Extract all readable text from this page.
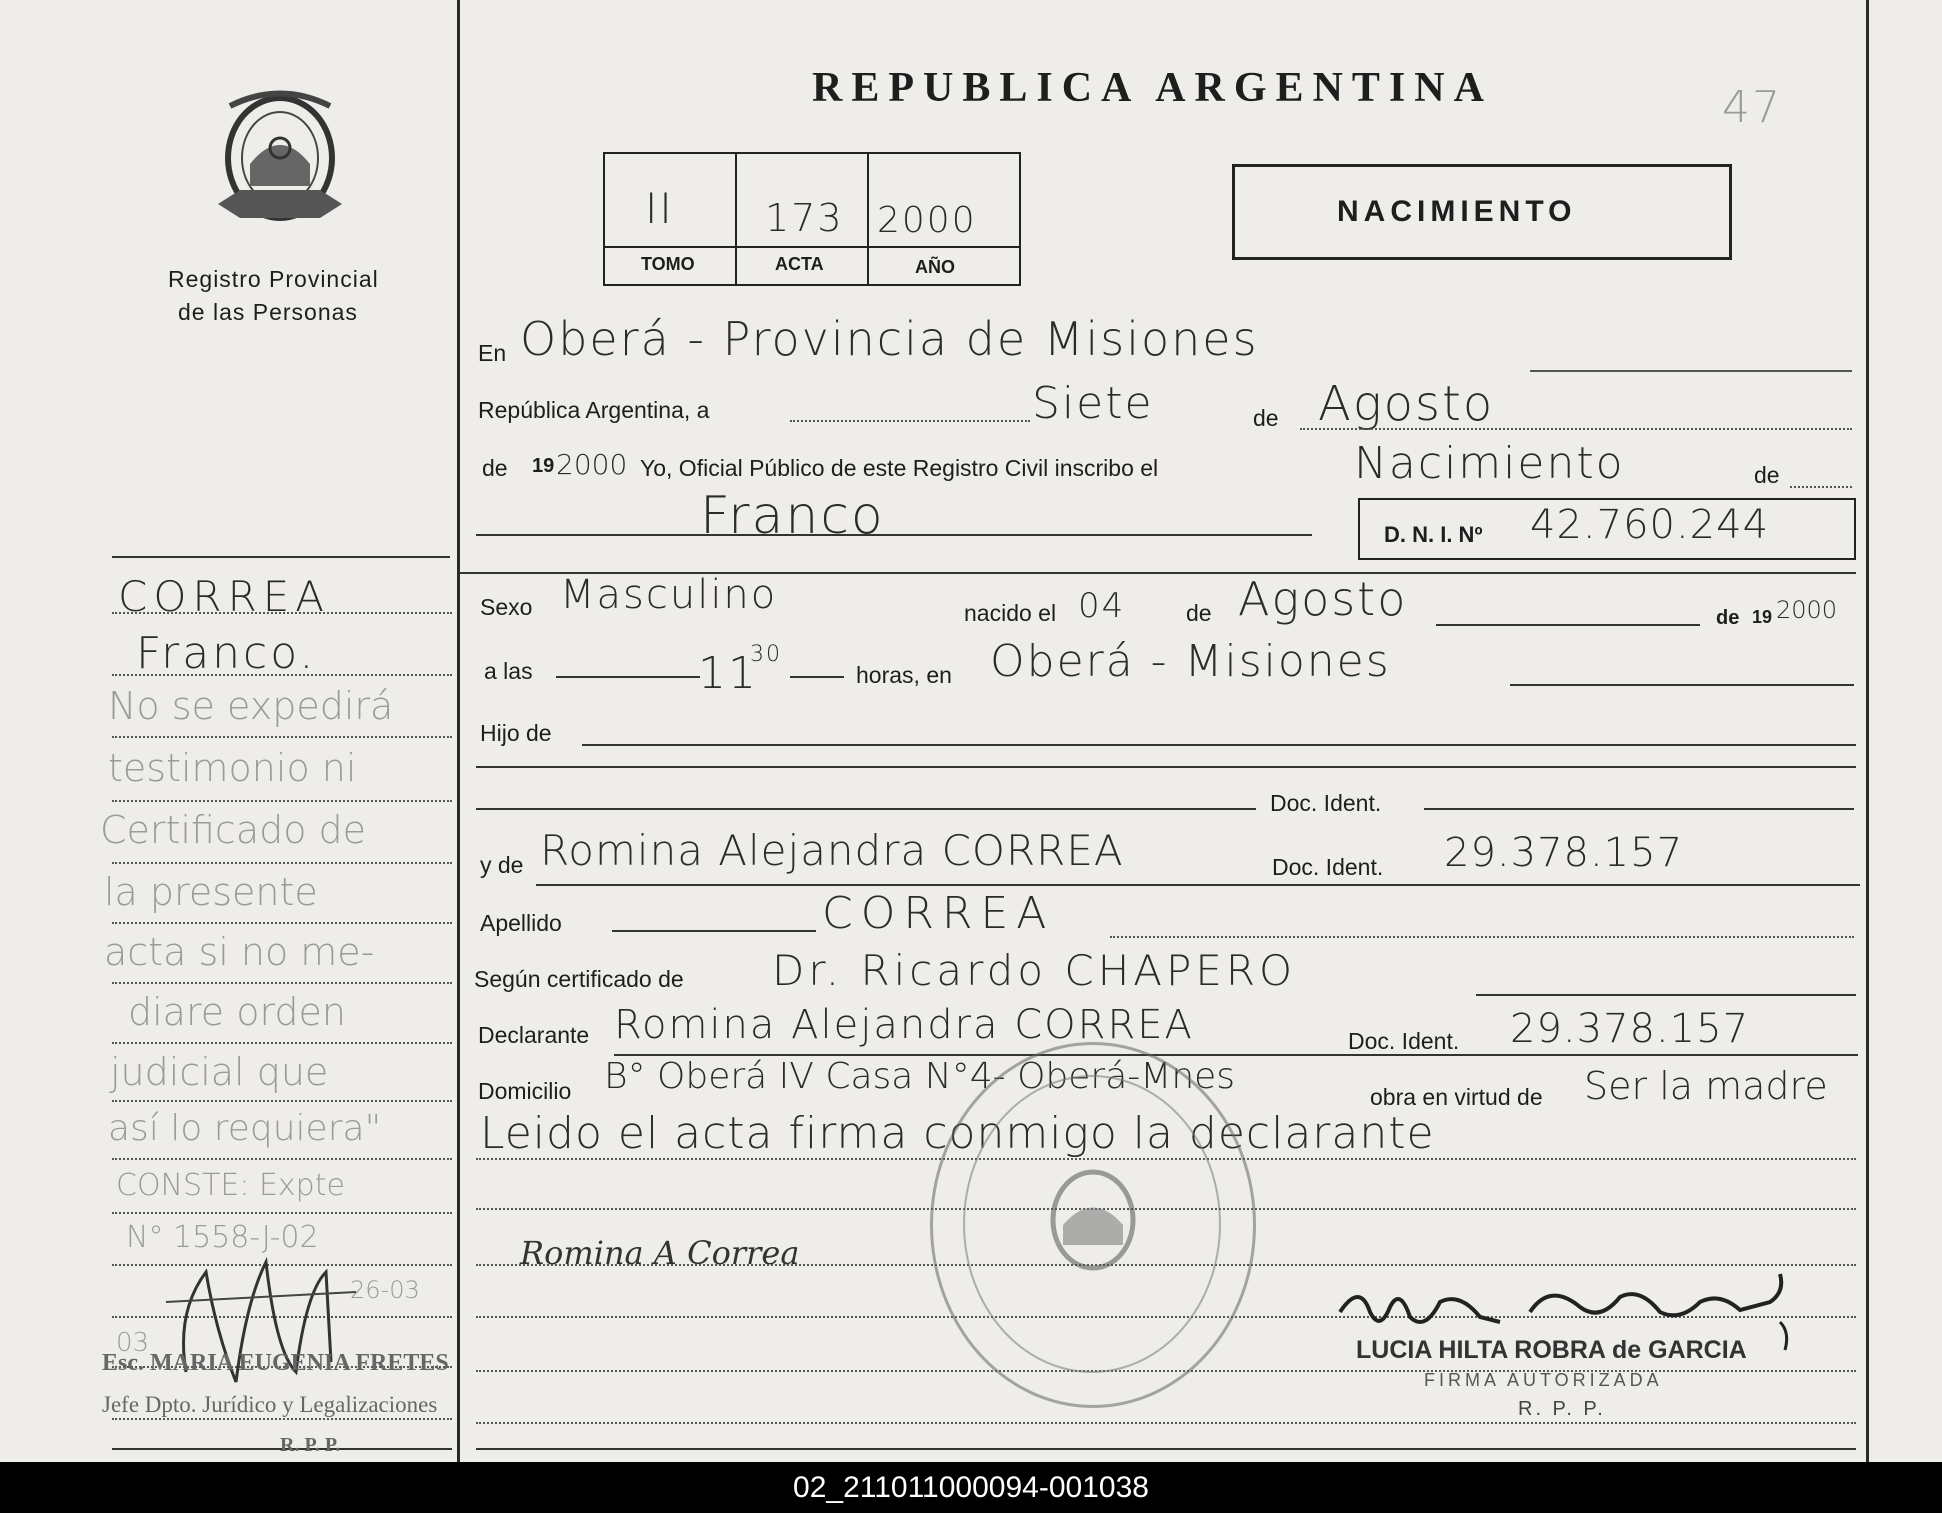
Registro Provincial
de las Personas
REPUBLICA ARGENTINA	47
II 173 2000
TOMO	ACTA	AÑO
NACIMIENTO
En Oberá - Provincia de Misiones
República Argentina, a	Siete	de Agosto
de 19 2000 Yo, Oficial Público de este Registro Civil inscribo el	Nacimiento	de
Franco	D. N. I. Nº 42.760.244
Sexo Masculino	nacido el 04	de Agosto	de 19 2000
a las	11
30
horas, en Oberá - Misiones
Hijo de
Doc. Ident.
y de Romina Alejandra CORREA	Doc. Ident. 29.378.157
Apellido	CORREA
Según certificado de Dr. Ricardo CHAPERO
Declarante Romina Alejandra CORREA	Doc. Ident. 29.378.157
Domicilio B° Oberá IV Casa N°4- Oberá-Mnes	obra en virtud de Ser la madre
Leido el acta firma conmigo la declarante
Romina A Correa
LUCIA HILTA ROBRA de GARCIA
FIRMA AUTORIZADA
R. P. P.
CORREA
Franco.
No se expedirá
testimonio ni
Certificado de
la presente
acta si no me-
diare orden
judicial que
así lo requiera"
CONSTE: Expte
N° 1558-J-02
26-03
03
Esc. MARIA EUGENIA FRETES
Jefe Dpto. Jurídico y Legalizaciones
R. P. P.
02_211011000094-001038
